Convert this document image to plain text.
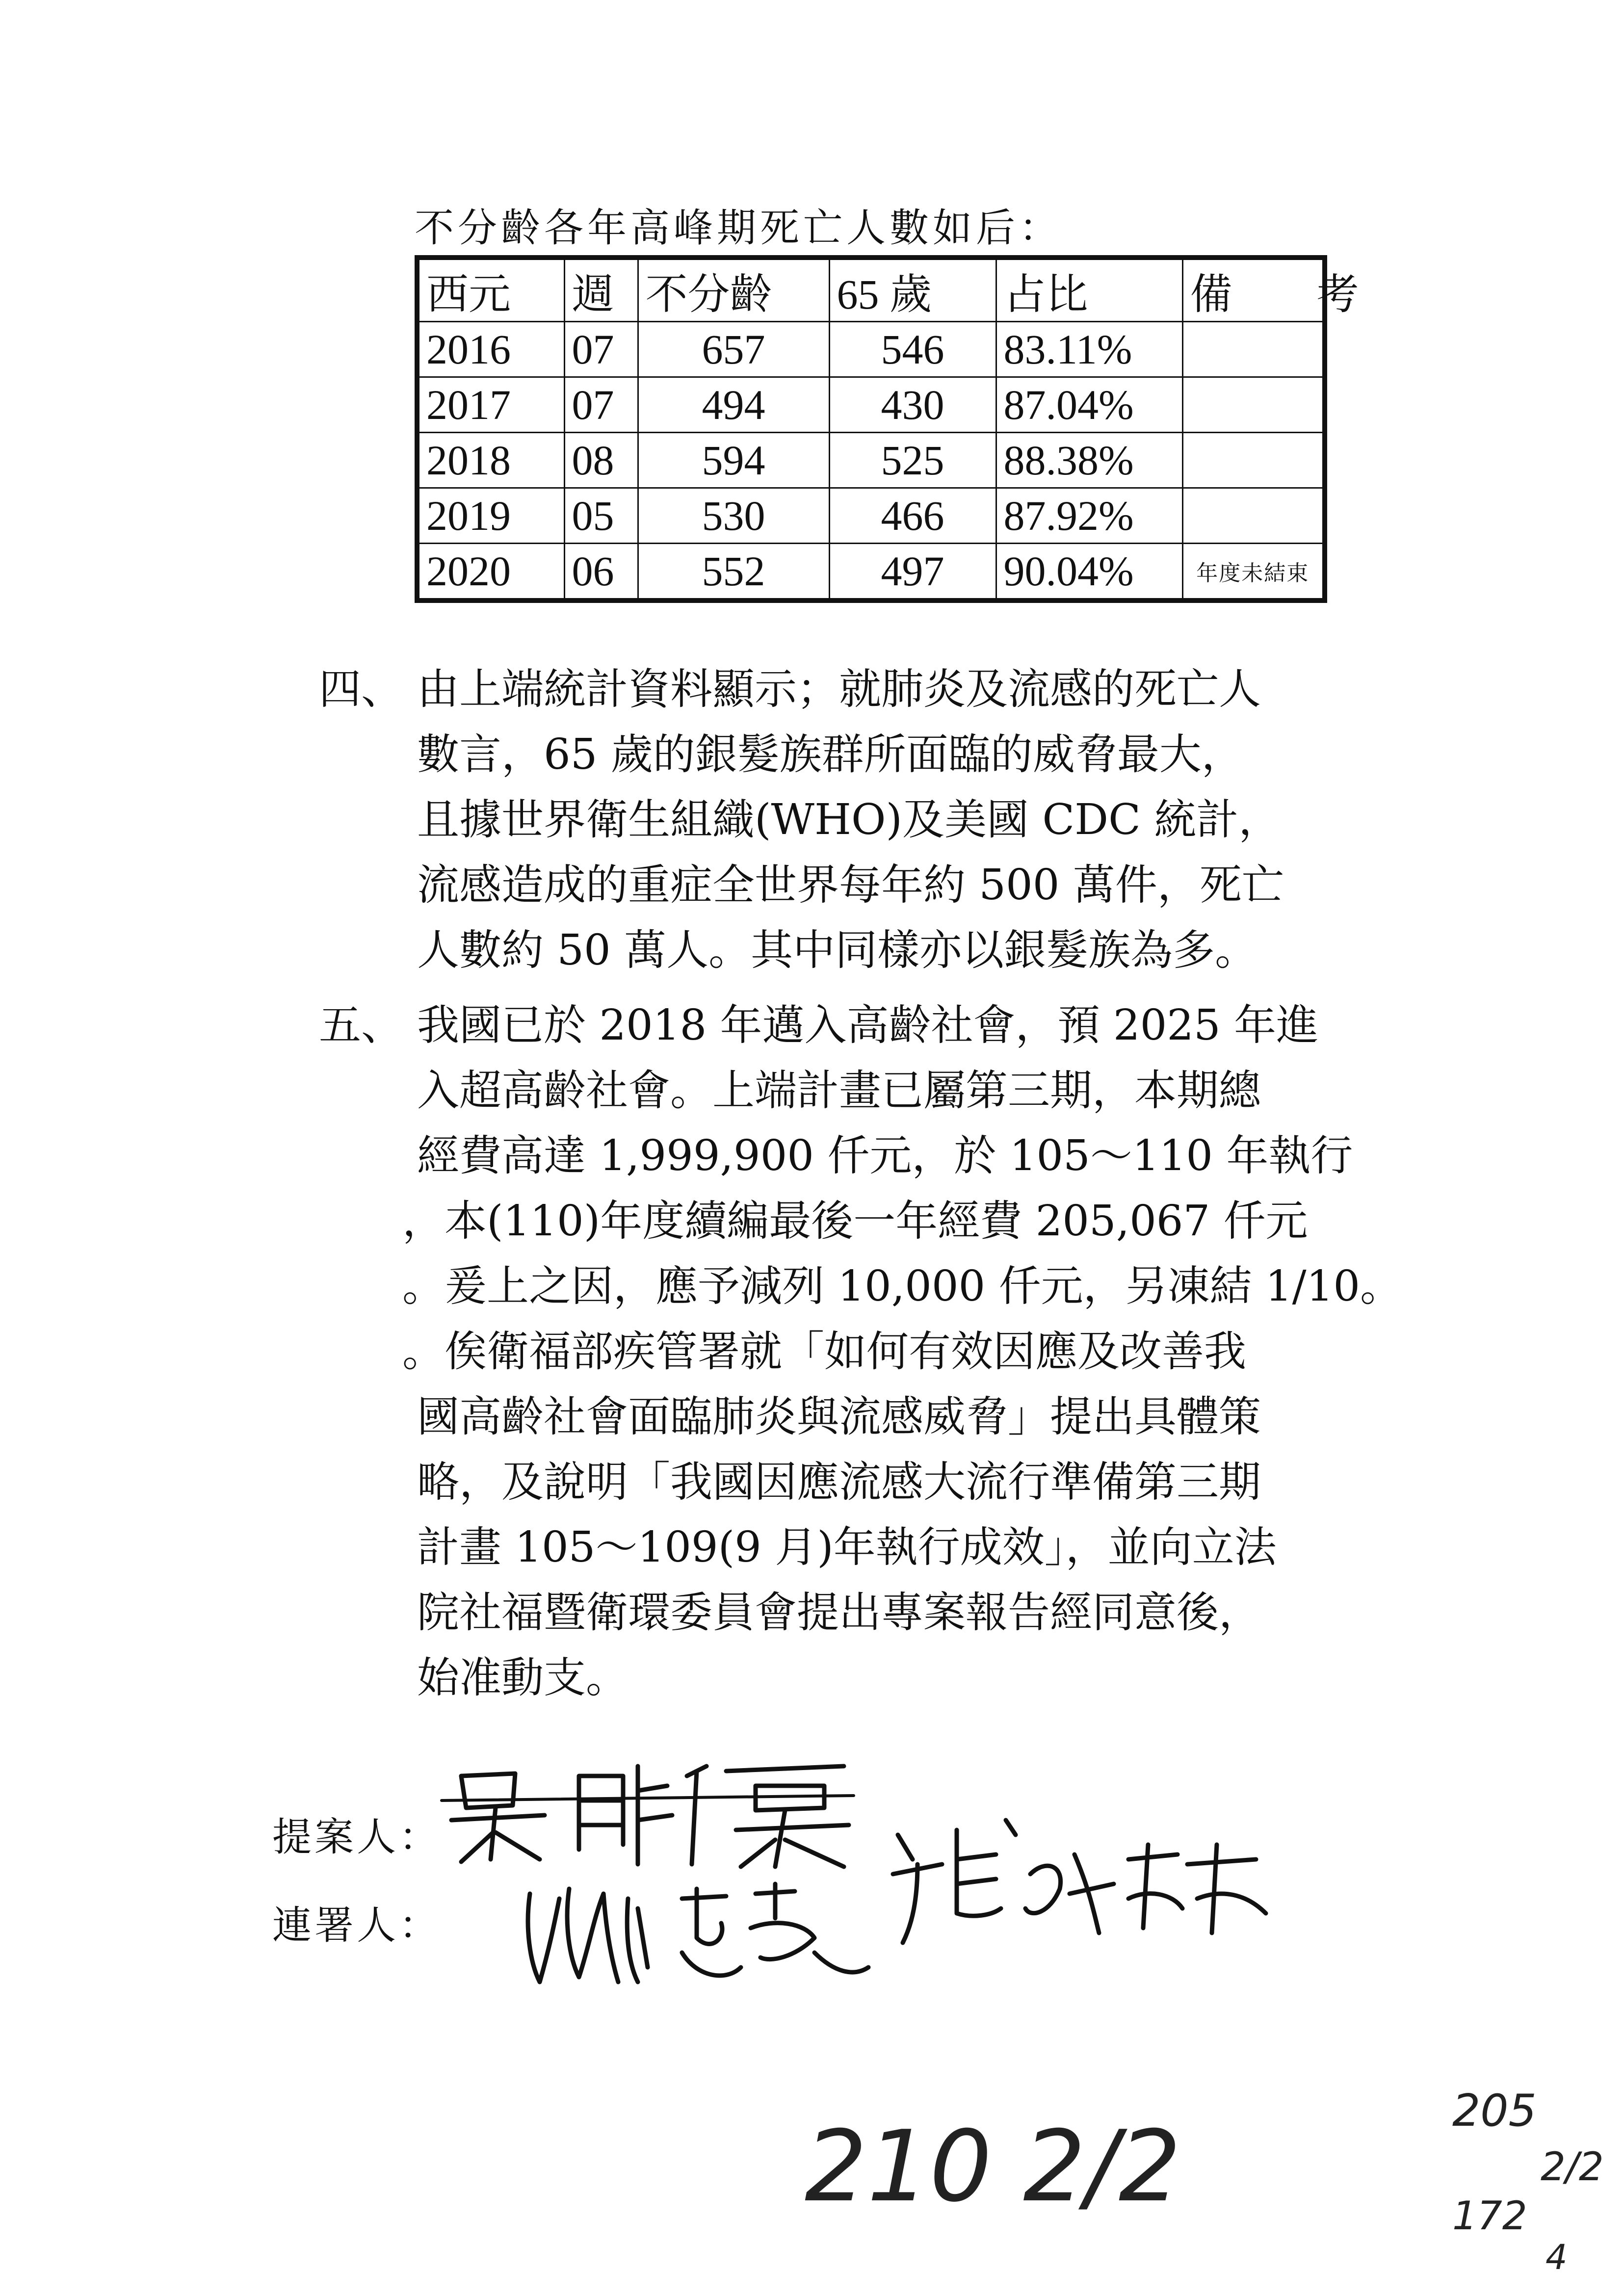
不分齡各年高峰期死亡人數如后：
西元	週	不分齡	65 歲	占比	備　　考
2016	07	657	546	83.11%	
2017	07	494	430	87.04%	
2018	08	594	525	88.38%	
2019	05	530	466	87.92%	
2020	06	552	497	90.04%	年度未結束
四、 由上端統計資料顯示；就肺炎及流感的死亡人
數言，65 歲的銀髮族群所面臨的威脅最大，
且據世界衛生組織(WHO)及美國 CDC 統計，
流感造成的重症全世界每年約 500 萬件，死亡
人數約 50 萬人。其中同樣亦以銀髮族為多。
五、 我國已於 2018 年邁入高齡社會，預 2025 年進
入超高齡社會。上端計畫已屬第三期，本期總
經費高達 1,999,900 仟元，於 105～110 年執行
，本(110)年度續編最後一年經費 205,067 仟元
。爰上之因，應予減列 10,000 仟元，另凍結 1/10。
。俟衛福部疾管署就「如何有效因應及改善我
國高齡社會面臨肺炎與流感威脅」提出具體策
略，及說明「我國因應流感大流行準備第三期
計畫 105～109(9 月)年執行成效」，並向立法
院社福暨衛環委員會提出專案報告經同意後，
始准動支。
提案人：
連署人：
210 2/2	205
2/2
172
4
